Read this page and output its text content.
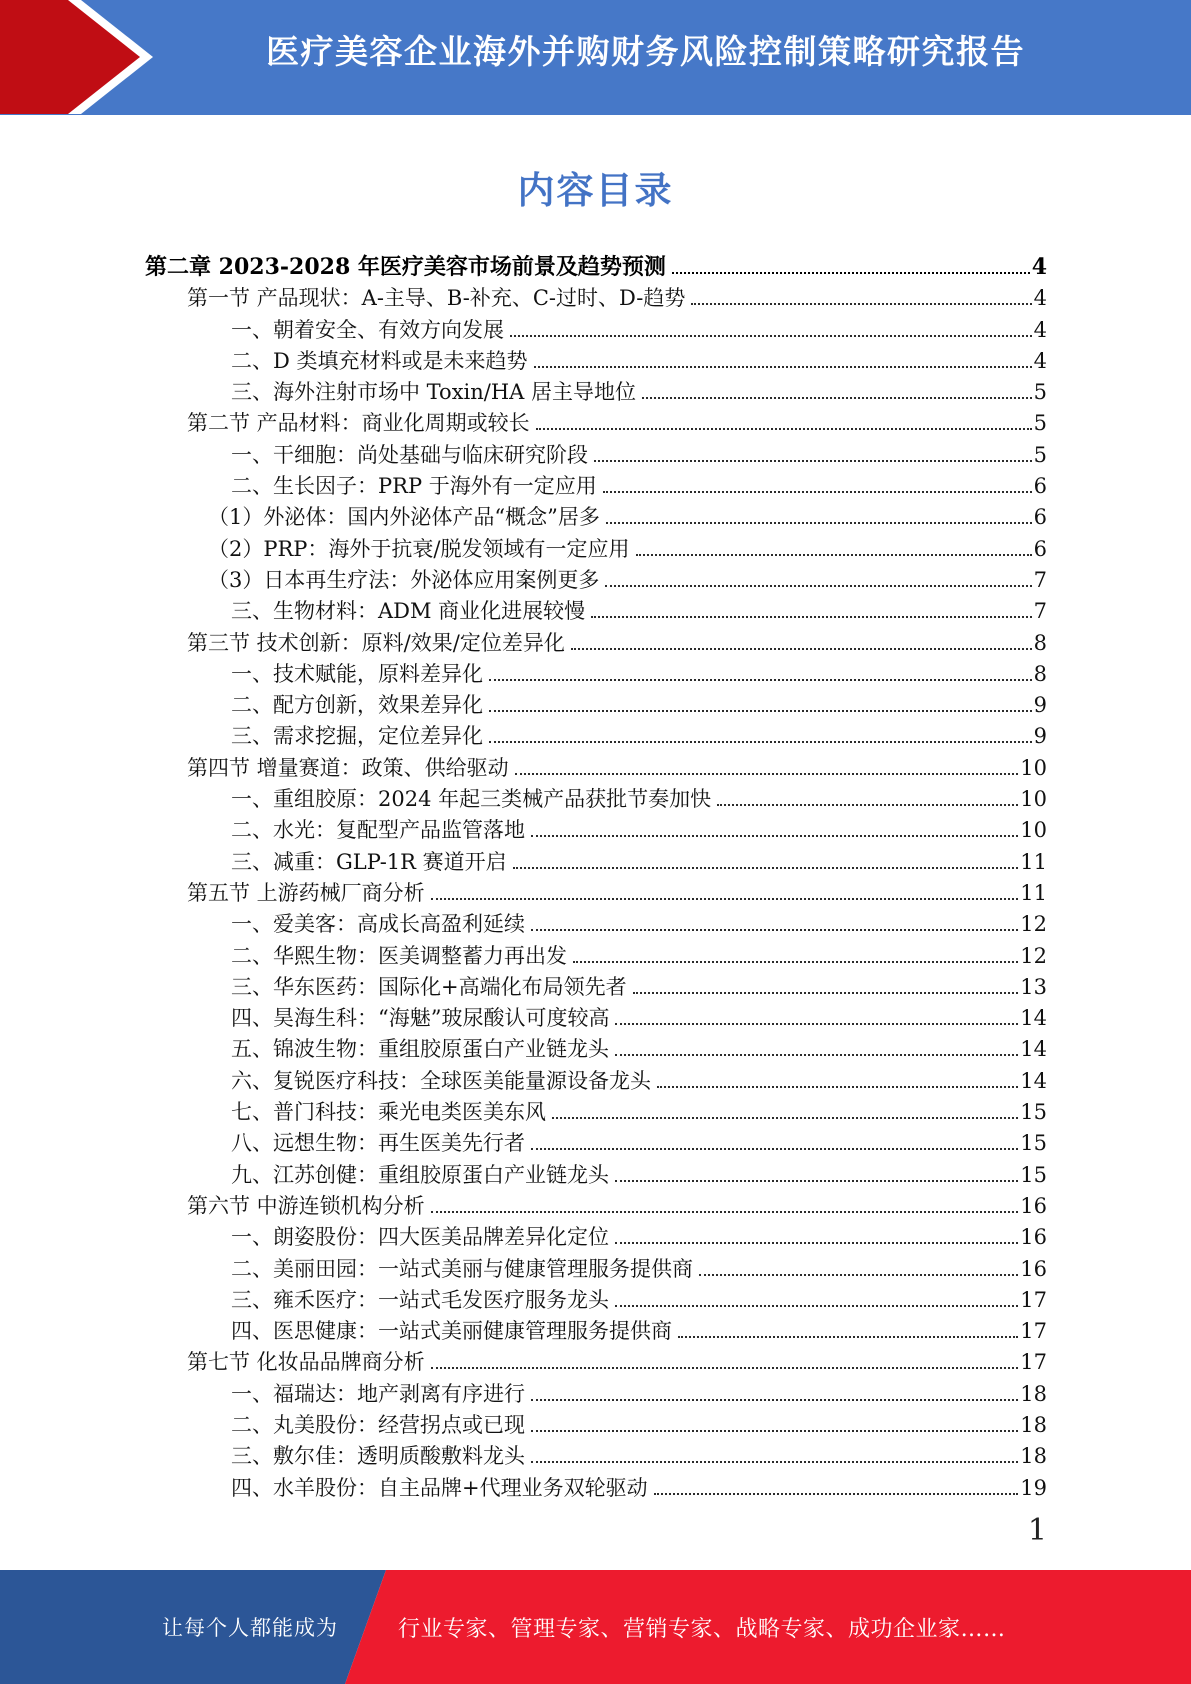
医疗美容企业海外并购财务风险控制策略研究报告
内容目录
第二章 2023-2028 年医疗美容市场前景及趋势预测	4
第一节 产品现状：A-主导、B-补充、C-过时、D-趋势	4
一、朝着安全、有效方向发展	4
二、D 类填充材料或是未来趋势	4
三、海外注射市场中 Toxin/HA 居主导地位	5
第二节 产品材料：商业化周期或较长	5
一、干细胞：尚处基础与临床研究阶段	5
二、生长因子：PRP 于海外有一定应用	6
（1）外泌体：国内外泌体产品“概念”居多	6
（2）PRP：海外于抗衰/脱发领域有一定应用	6
（3）日本再生疗法：外泌体应用案例更多	7
三、生物材料：ADM 商业化进展较慢	7
第三节 技术创新：原料/效果/定位差异化	8
一、技术赋能，原料差异化	8
二、配方创新，效果差异化	9
三、需求挖掘，定位差异化	9
第四节 增量赛道：政策、供给驱动	10
一、重组胶原：2024 年起三类械产品获批节奏加快	10
二、水光：复配型产品监管落地	10
三、减重：GLP-1R 赛道开启	11
第五节 上游药械厂商分析	11
一、爱美客：高成长高盈利延续	12
二、华熙生物：医美调整蓄力再出发	12
三、华东医药：国际化+高端化布局领先者	13
四、昊海生科：“海魅”玻尿酸认可度较高	14
五、锦波生物：重组胶原蛋白产业链龙头	14
六、复锐医疗科技：全球医美能量源设备龙头	14
七、普门科技：乘光电类医美东风	15
八、远想生物：再生医美先行者	15
九、江苏创健：重组胶原蛋白产业链龙头	15
第六节 中游连锁机构分析	16
一、朗姿股份：四大医美品牌差异化定位	16
二、美丽田园：一站式美丽与健康管理服务提供商	16
三、雍禾医疗：一站式毛发医疗服务龙头	17
四、医思健康：一站式美丽健康管理服务提供商	17
第七节 化妆品品牌商分析	17
一、福瑞达：地产剥离有序进行	18
二、丸美股份：经营拐点或已现	18
三、敷尔佳：透明质酸敷料龙头	18
四、水羊股份：自主品牌+代理业务双轮驱动	19
1
让每个人都能成为	行业专家、管理专家、营销专家、战略专家、成功企业家……
